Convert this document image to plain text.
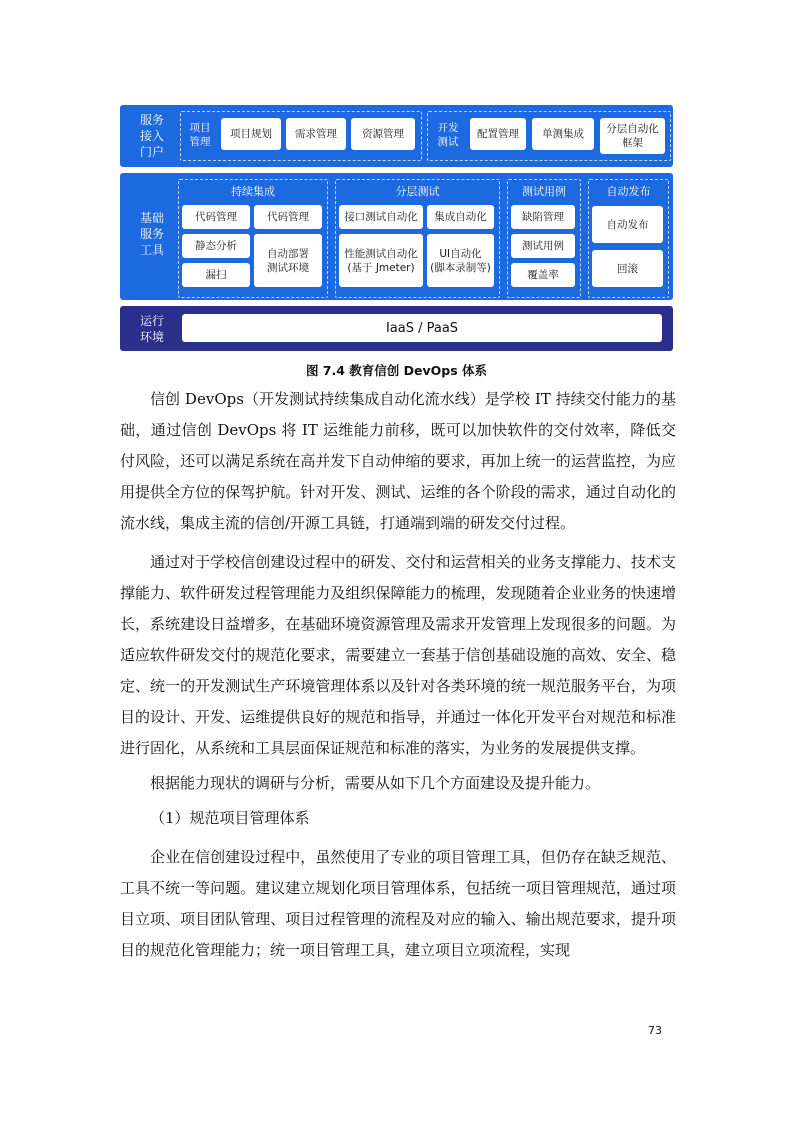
服务
接入
门户
项目
管理
项目规划	需求管理	资源管理	开发
测试
配置管理	单测集成	分层自动化
框架
基础
服务
工具
持续集成
代码管理	代码管理
静态分析
漏扫
自动部署
测试环境
分层测试
接口测试自动化	集成自动化
性能测试自动化
(基于 Jmeter)
UI自动化
(脚本录制等)
测试用例
缺陷管理
测试用例
覆盖率
自动发布
自动发布
回滚
运行
环境
IaaS / PaaS
图 7.4 教育信创 DevOps 体系

信创 DevOps（开发测试持续集成自动化流水线）是学校 IT 持续交付能力的基础，通过信创 DevOps 将 IT 运维能力前移，既可以加快软件的交付效率，降低交付风险，还可以满足系统在高并发下自动伸缩的要求，再加上统一的运营监控，为应用提供全方位的保驾护航。针对开发、测试、运维的各个阶段的需求，通过自动化的流水线，集成主流的信创/开源工具链，打通端到端的研发交付过程。

通过对于学校信创建设过程中的研发、交付和运营相关的业务支撑能力、技术支撑能力、软件研发过程管理能力及组织保障能力的梳理，发现随着企业业务的快速增长，系统建设日益增多，在基础环境资源管理及需求开发管理上发现很多的问题。为适应软件研发交付的规范化要求，需要建立一套基于信创基础设施的高效、安全、稳定、统一的开发测试生产环境管理体系以及针对各类环境的统一规范服务平台，为项目的设计、开发、运维提供良好的规范和指导，并通过一体化开发平台对规范和标准进行固化，从系统和工具层面保证规范和标准的落实，为业务的发展提供支撑。

根据能力现状的调研与分析，需要从如下几个方面建设及提升能力。

（1）规范项目管理体系

企业在信创建设过程中，虽然使用了专业的项目管理工具，但仍存在缺乏规范、工具不统一等问题。建议建立规划化项目管理体系，包括统一项目管理规范，通过项目立项、项目团队管理、项目过程管理的流程及对应的输入、输出规范要求，提升项目的规范化管理能力；统一项目管理工具，建立项目立项流程，实现

73
